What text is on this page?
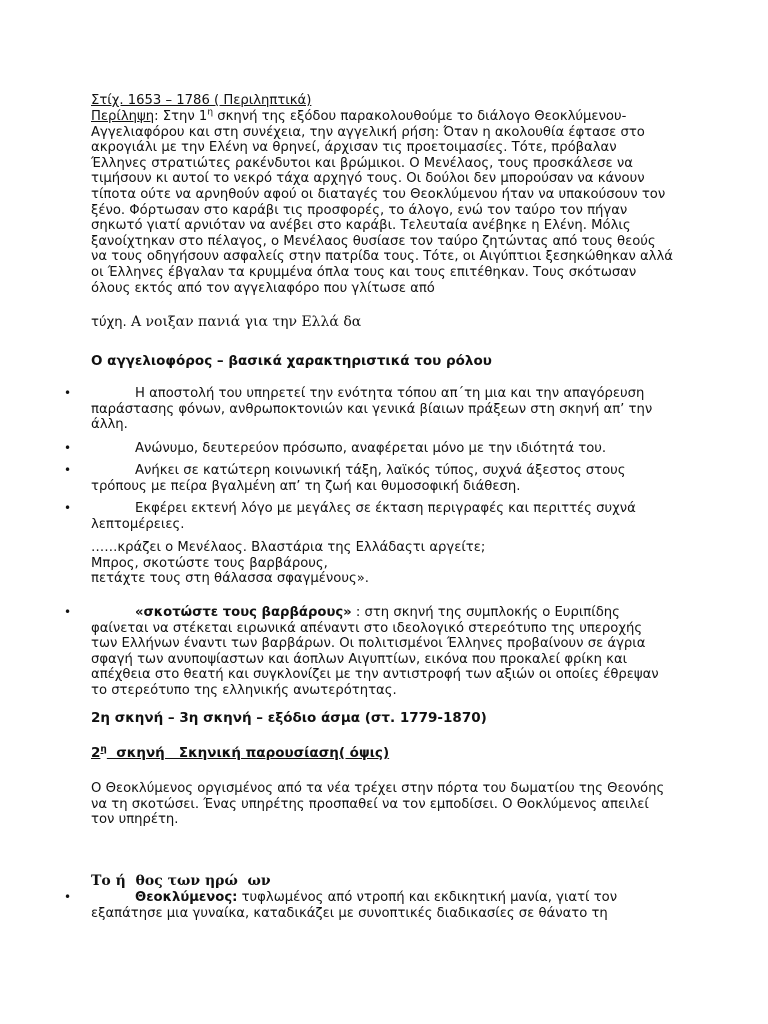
Στίχ. 1653 – 1786 ( Περιληπτικά)

Περίληψη: Στην $1^\eta$ σκηνή της εξόδου παρακολουθούμε το διάλογο Θεοκλύμενου-Αγγελιαφόρου και στη συνέχεια, την αγγελική ρήση: Όταν η ακολουθία έφτασε στο ακρογιάλι με την Ελένη να θρηνεί, άρχισαν τις προετοιμασίες. Τότε, πρόβαλαν Έλληνες στρατιώτες ρακένδυτοι και βρώμικοι. Ο Μενέλαος, τους προσκάλεσε να τιμήσουν κι αυτοί το νεκρό τάχα αρχηγό τους. Οι δούλοι δεν μπορούσαν να κάνουν τίποτα ούτε να αρνηθούν αφού οι διαταγές του Θεοκλύμενου ήταν να υπακούσουν τον ξένο. Φόρτωσαν στο καράβι τις προσφορές, το άλογο, ενώ τον ταύρο τον πήγαν σηκωτό γιατί αρνιόταν να ανέβει στο καράβι. Τελευταία ανέβηκε η Ελένη. Μόλις ξανοίχτηκαν στο πέλαγος, ο Μενέλαος θυσίασε τον ταύρο ζητώντας από τους θεούς να τους οδηγήσουν ασφαλείς στην πατρίδα τους. Τότε, οι Αιγύπτιοι ξεσηκώθηκαν αλλά οι Έλληνες έβγαλαν τα κρυμμένα όπλα τους και τους επιτέθηκαν. Τους σκότωσαν όλους εκτός από τον αγγελιαφόρο που γλίτωσε από

τύχη. Α νοιξαν πανιά για την Ελλά δα

Ο αγγελιοφόρος – βασικά χαρακτηριστικά του ρόλου

•	Η αποστολή του υπηρετεί την ενότητα τόπου απ΄τη μια και την απαγόρευση παράστασης φόνων, ανθρωποκτονιών και γενικά βίαιων πράξεων στη σκηνή απ’ την άλλη.
•	Ανώνυμο, δευτερεύον πρόσωπο, αναφέρεται μόνο με την ιδιότητά του.
•	Ανήκει σε κατώτερη κοινωνική τάξη, λαϊκός τύπος, συχνά άξεστος στους τρόπους με πείρα βγαλμένη απ’ τη ζωή και θυμοσοφική διάθεση.
•	Εκφέρει εκτενή λόγο με μεγάλες σε έκταση περιγραφές και περιττές συχνά λεπτομέρειες.

……κράζει ο Μενέλαος. Βλαστάρια της Ελλάδαςτι αργείτε;

Μπρος, σκοτώστε τους βαρβάρους,

πετάχτε τους στη θάλασσα σφαγμένους».

•	«σκοτώστε τους βαρβάρους» : στη σκηνή της συμπλοκής ο Ευριπίδης φαίνεται να στέκεται ειρωνικά απέναντι στο ιδεολογικό στερεότυπο της υπεροχής των Ελλήνων έναντι των βαρβάρων. Οι πολιτισμένοι Έλληνες προβαίνουν σε άγρια σφαγή των ανυποψίαστων και άοπλων Αιγυπτίων, εικόνα που προκαλεί φρίκη και απέχθεια στο θεατή και συγκλονίζει με την αντιστροφή των αξιών οι οποίες έθρεψαν το στερεότυπο της ελληνικής ανωτερότητας.

2η σκηνή – 3η σκηνή – εξόδιο άσμα (στ. 1779-1870)

$2^\eta$  σκηνή   Σκηνική παρουσίαση( όψις)

Ο Θεοκλύμενος οργισμένος από τα νέα τρέχει στην πόρτα του δωματίου της Θεονόης να τη σκοτώσει. Ένας υπηρέτης προσπαθεί να τον εμποδίσει. Ο Θοκλύμενος απειλεί τον υπηρέτη.

Το ή  θος των ηρώ  ων

•	Θεοκλύμενος: τυφλωμένος από ντροπή και εκδικητική μανία, γιατί τον εξαπάτησε μια γυναίκα, καταδικάζει με συνοπτικές διαδικασίες σε θάνατο τη
